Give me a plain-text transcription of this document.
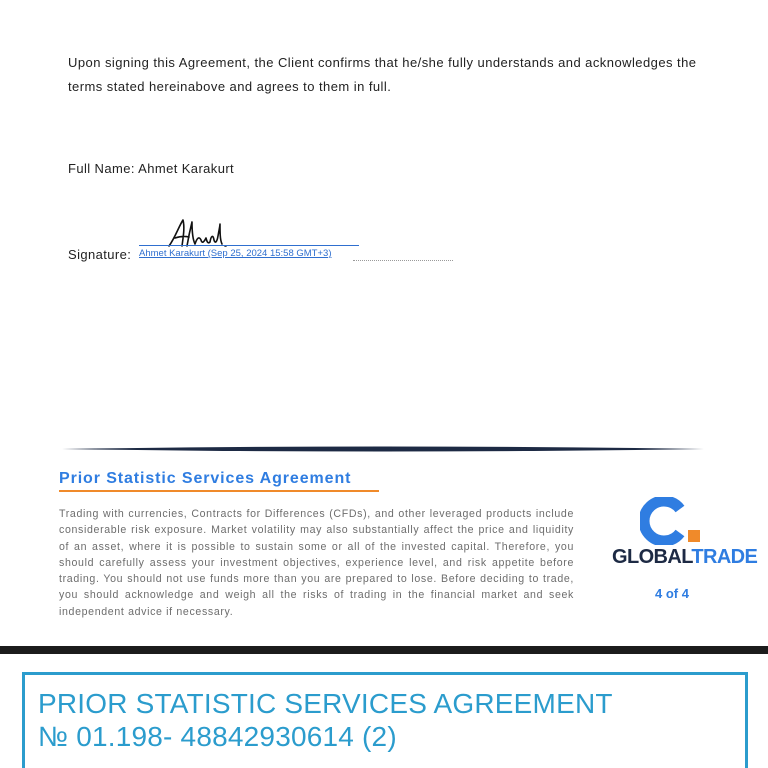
Upon signing this Agreement, the Client confirms that he/she fully understands and acknowledges the terms stated hereinabove and agrees to them in full.

Full Name: Ahmet Karakurt
Signature: Ahmet Karakurt (Sep 25, 2024 15:58 GMT+3)
Prior Statistic Services Agreement

Trading with currencies, Contracts for Differences (CFDs), and other leveraged products include considerable risk exposure. Market volatility may also substantially affect the price and liquidity of an asset, where it is possible to sustain some or all of the invested capital. Therefore, you should carefully assess your investment objectives, experience level, and risk appetite before trading. You should not use funds more than you are prepared to lose. Before deciding to trade, you should acknowledge and weigh all the risks of trading in the financial market and seek independent advice if necessary.

GLOBALTRADE
4 of 4
PRIOR STATISTIC SERVICES AGREEMENT
№ 01.198- 48842930614 (2)
